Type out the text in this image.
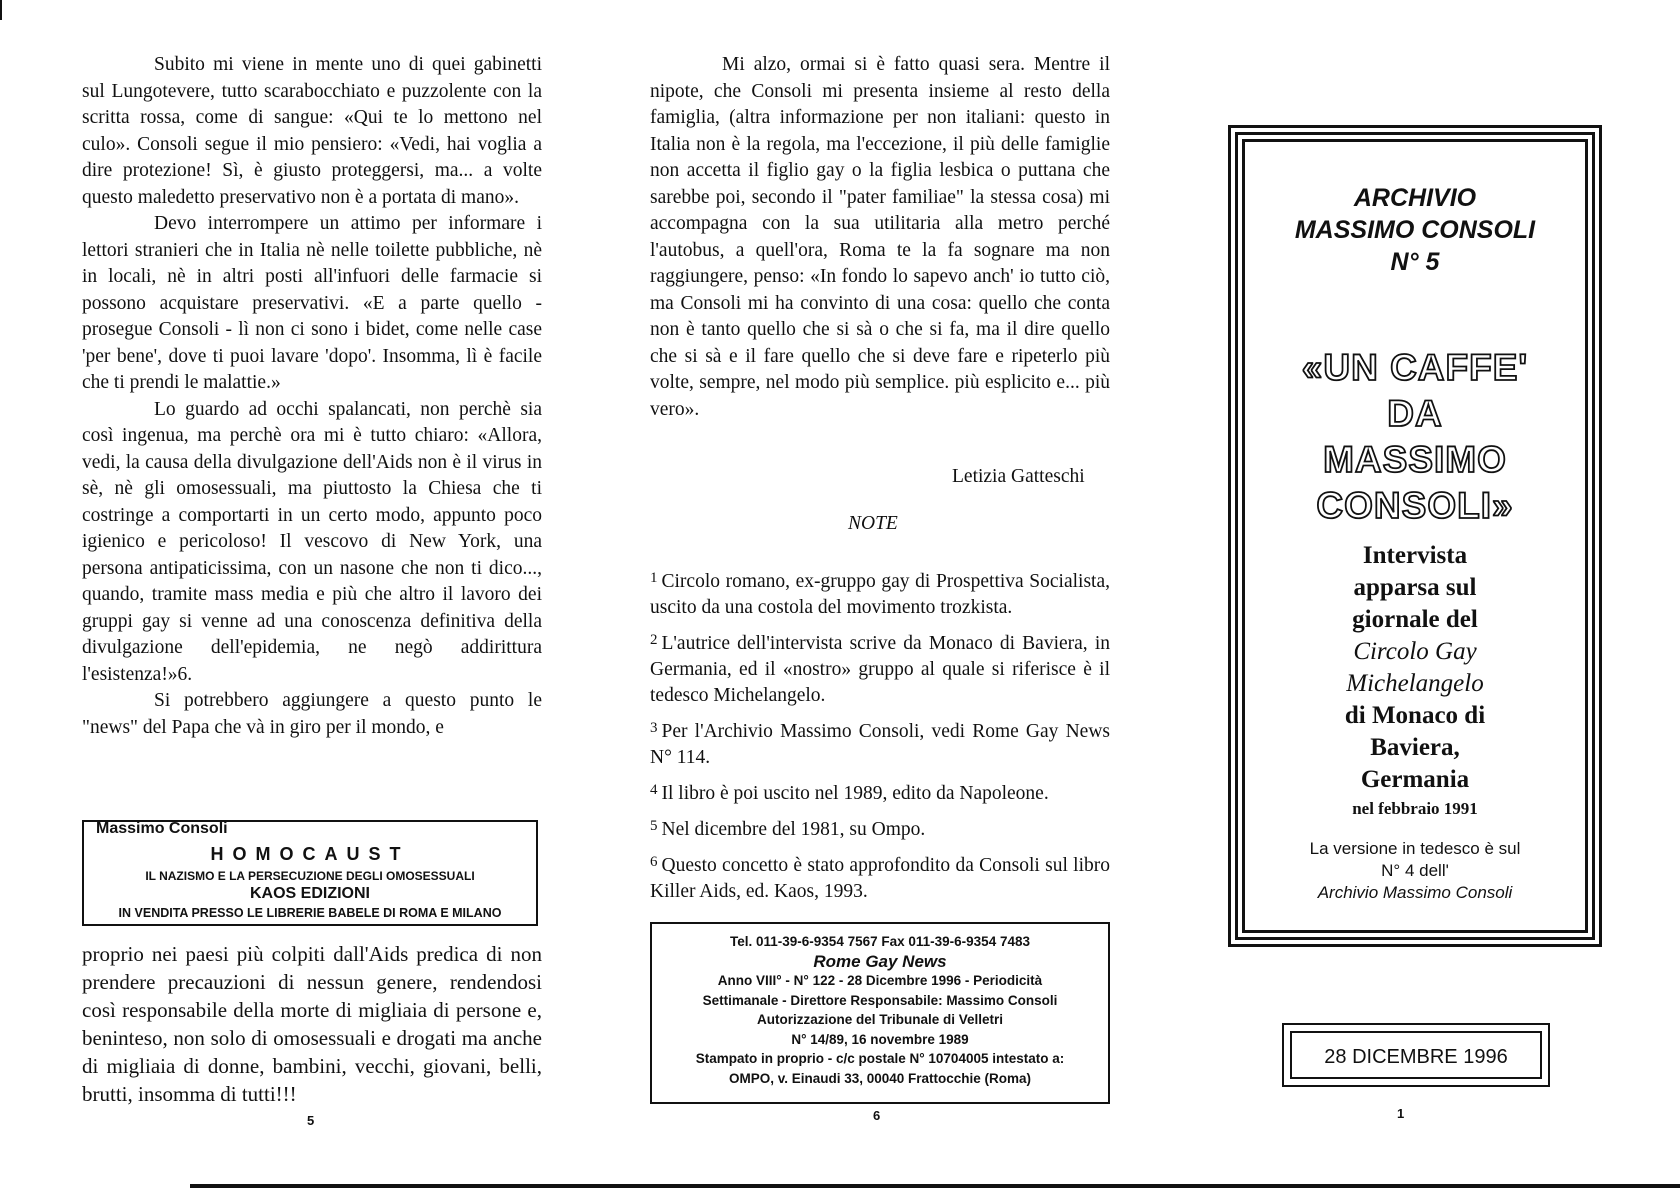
Subito mi viene in mente uno di quei gabinetti sul Lungotevere, tutto scarabocchiato e puzzolente con la scritta rossa, come di sangue: «Qui te lo mettono nel culo». Consoli segue il mio pensiero: «Vedi, hai voglia a dire protezione! Sì, è giusto proteggersi, ma... a volte questo maledetto preservativo non è a portata di mano».

Devo interrompere un attimo per informare i lettori stranieri che in Italia nè nelle toilette pubbliche, nè in locali, nè in altri posti all'infuori delle farmacie si possono acquistare preservativi. «E a parte quello - prosegue Consoli - lì non ci sono i bidet, come nelle case 'per bene', dove ti puoi lavare 'dopo'. Insomma, lì è facile che ti prendi le malattie.»

Lo guardo ad occhi spalancati, non perchè sia così ingenua, ma perchè ora mi è tutto chiaro: «Allora, vedi, la causa della divulgazione dell'Aids non è il virus in sè, nè gli omosessuali, ma piuttosto la Chiesa che ti costringe a comportarti in un certo modo, appunto poco igienico e pericoloso! Il vescovo di New York, una persona antipaticissima, con un nasone che non ti dico..., quando, tramite mass media e più che altro il lavoro dei gruppi gay si venne ad una conoscenza definitiva della divulgazione dell'epidemia, ne negò addirittura l'esistenza!»6.

Si potrebbero aggiungere a questo punto le "news" del Papa che và in giro per il mondo, e

Massimo Consoli
HOMOCAUST
IL NAZISMO E LA PERSECUZIONE DEGLI OMOSESSUALI
KAOS EDIZIONI
IN VENDITA PRESSO LE LIBRERIE BABELE DI ROMA E MILANO

proprio nei paesi più colpiti dall'Aids predica di non prendere precauzioni di nessun genere, rendendosi così responsabile della morte di migliaia di persone e, beninteso, non solo di omosessuali e drogati ma anche di migliaia di donne, bambini, vecchi, giovani, belli, brutti, insomma di tutti!!!

5

Mi alzo, ormai si è fatto quasi sera. Mentre il nipote, che Consoli mi presenta insieme al resto della famiglia, (altra informazione per non italiani: questo in Italia non è la regola, ma l'eccezione, il più delle famiglie non accetta il figlio gay o la figlia lesbica o puttana che sarebbe poi, secondo il "pater familiae" la stessa cosa) mi accompagna con la sua utilitaria alla metro perché l'autobus, a quell'ora, Roma te la fa sognare ma non raggiungere, penso: «In fondo lo sapevo anch' io tutto ciò, ma Consoli mi ha convinto di una cosa: quello che conta non è tanto quello che si sà o che si fa, ma il dire quello che si sà e il fare quello che si deve fare e ripeterlo più volte, sempre, nel modo più semplice. più esplicito e... più vero».

Letizia Gatteschi
NOTE

$^1$ Circolo romano, ex-gruppo gay di Prospettiva Socialista, uscito da una costola del movimento trozkista.

$^2$ L'autrice dell'intervista scrive da Monaco di Baviera, in Germania, ed il «nostro» gruppo al quale si riferisce è il tedesco Michelangelo.

$^3$ Per l'Archivio Massimo Consoli, vedi Rome Gay News N° 114.

$^4$ Il libro è poi uscito nel 1989, edito da Napoleone.

$^5$ Nel dicembre del 1981, su Ompo.

$^6$ Questo concetto è stato approfondito da Consoli sul libro Killer Aids, ed. Kaos, 1993.

Tel. 011-39-6-9354 7567 Fax 011-39-6-9354 7483
Rome Gay News
Anno VIII° - N° 122 - 28 Dicembre 1996 - Periodicità
Settimanale - Direttore Responsabile: Massimo Consoli
Autorizzazione del Tribunale di Velletri
N° 14/89, 16 novembre 1989
Stampato in proprio - c/c postale N° 10704005 intestato a:
OMPO, v. Einaudi 33, 00040 Frattocchie (Roma)
6
ARCHIVIO
MASSIMO CONSOLI
N° 5
«UN CAFFE'
DA
MASSIMO
CONSOLI»
Intervista
apparsa sul
giornale del
Circolo Gay
Michelangelo
di Monaco di
Baviera,
Germania
nel febbraio 1991
La versione in tedesco è sul
N° 4 dell'
Archivio Massimo Consoli
28 DICEMBRE 1996
1
